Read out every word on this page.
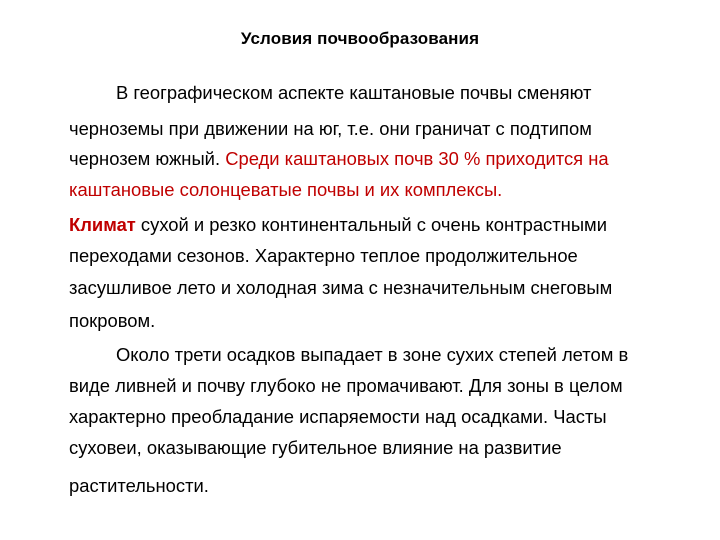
Условия почвообразования
В географическом аспекте каштановые почвы сменяют
черноземы при движении на юг, т.е. они граничат с подтипом
чернозем южный. Среди каштановых почв 30 % приходится на
каштановые солонцеватые почвы и их комплексы.
Климат сухой и резко континентальный с очень контрастными
переходами сезонов. Характерно теплое продолжительное
засушливое лето и холодная зима с незначительным снеговым
покровом.
Около трети осадков выпадает в зоне сухих степей летом в
виде ливней и почву глубоко не промачивают. Для зоны в целом
характерно преобладание испаряемости над осадками. Часты
суховеи, оказывающие губительное влияние на развитие
растительности.
